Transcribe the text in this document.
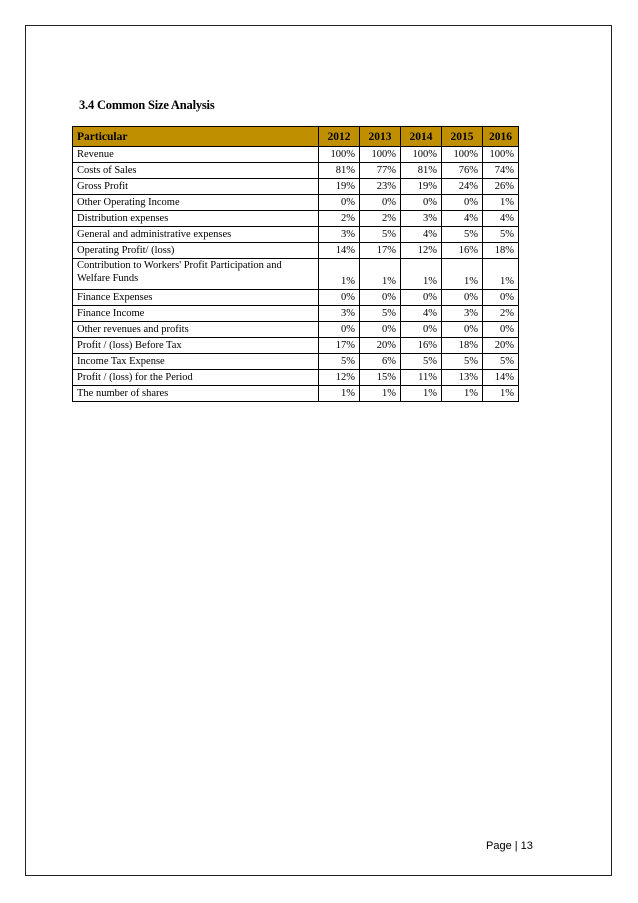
3.4 Common Size Analysis
Particular	2012	2013	2014	2015	2016
Revenue	100%	100%	100%	100%	100%
Costs of Sales	81%	77%	81%	76%	74%
Gross Profit	19%	23%	19%	24%	26%
Other Operating Income	0%	0%	0%	0%	1%
Distribution expenses	2%	2%	3%	4%	4%
General and administrative expenses	3%	5%	4%	5%	5%
Operating Profit/ (loss)	14%	17%	12%	16%	18%
Contribution to Workers' Profit Participation and Welfare Funds	1%	1%	1%	1%	1%
Finance Expenses	0%	0%	0%	0%	0%
Finance Income	3%	5%	4%	3%	2%
Other revenues and profits	0%	0%	0%	0%	0%
Profit / (loss) Before Tax	17%	20%	16%	18%	20%
Income Tax Expense	5%	6%	5%	5%	5%
Profit / (loss) for the Period	12%	15%	11%	13%	14%
The number of shares	1%	1%	1%	1%	1%
Page | 13
